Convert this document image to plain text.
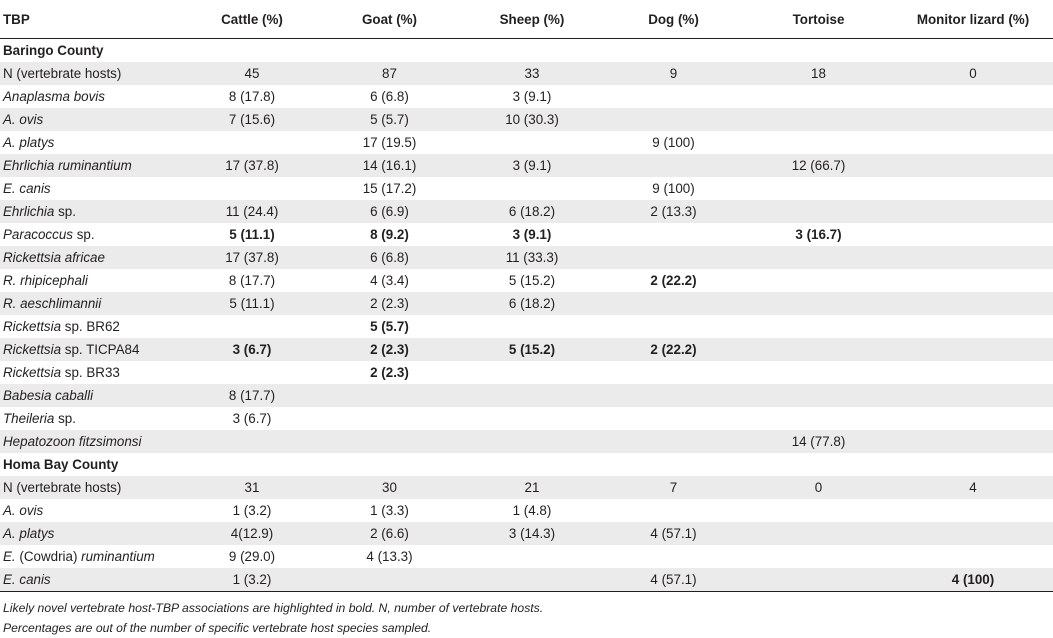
TBP	Cattle (%)	Goat (%)	Sheep (%)	Dog (%)	Tortoise	Monitor lizard (%)
Baringo County						
N (vertebrate hosts)	45	87	33	9	18	0
Anaplasma bovis	8 (17.8)	6 (6.8)	3 (9.1)			
A. ovis	7 (15.6)	5 (5.7)	10 (30.3)			
A. platys		17 (19.5)		9 (100)		
Ehrlichia ruminantium	17 (37.8)	14 (16.1)	3 (9.1)		12 (66.7)	
E. canis		15 (17.2)		9 (100)		
Ehrlichia sp.	11 (24.4)	6 (6.9)	6 (18.2)	2 (13.3)		
Paracoccus sp.	5 (11.1)	8 (9.2)	3 (9.1)		3 (16.7)	
Rickettsia africae	17 (37.8)	6 (6.8)	11 (33.3)			
R. rhipicephali	8 (17.7)	4 (3.4)	5 (15.2)	2 (22.2)		
R. aeschlimannii	5 (11.1)	2 (2.3)	6 (18.2)			
Rickettsia sp. BR62		5 (5.7)				
Rickettsia sp. TICPA84	3 (6.7)	2 (2.3)	5 (15.2)	2 (22.2)		
Rickettsia sp. BR33		2 (2.3)				
Babesia caballi	8 (17.7)					
Theileria sp.	3 (6.7)					
Hepatozoon fitzsimonsi					14 (77.8)	
Homa Bay County						
N (vertebrate hosts)	31	30	21	7	0	4
A. ovis	1 (3.2)	1 (3.3)	1 (4.8)			
A. platys	4(12.9)	2 (6.6)	3 (14.3)	4 (57.1)		
E. (Cowdria) ruminantium	9 (29.0)	4 (13.3)				
E. canis	1 (3.2)			4 (57.1)		4 (100)
Likely novel vertebrate host-TBP associations are highlighted in bold. N, number of vertebrate hosts.
Percentages are out of the number of specific vertebrate host species sampled.
